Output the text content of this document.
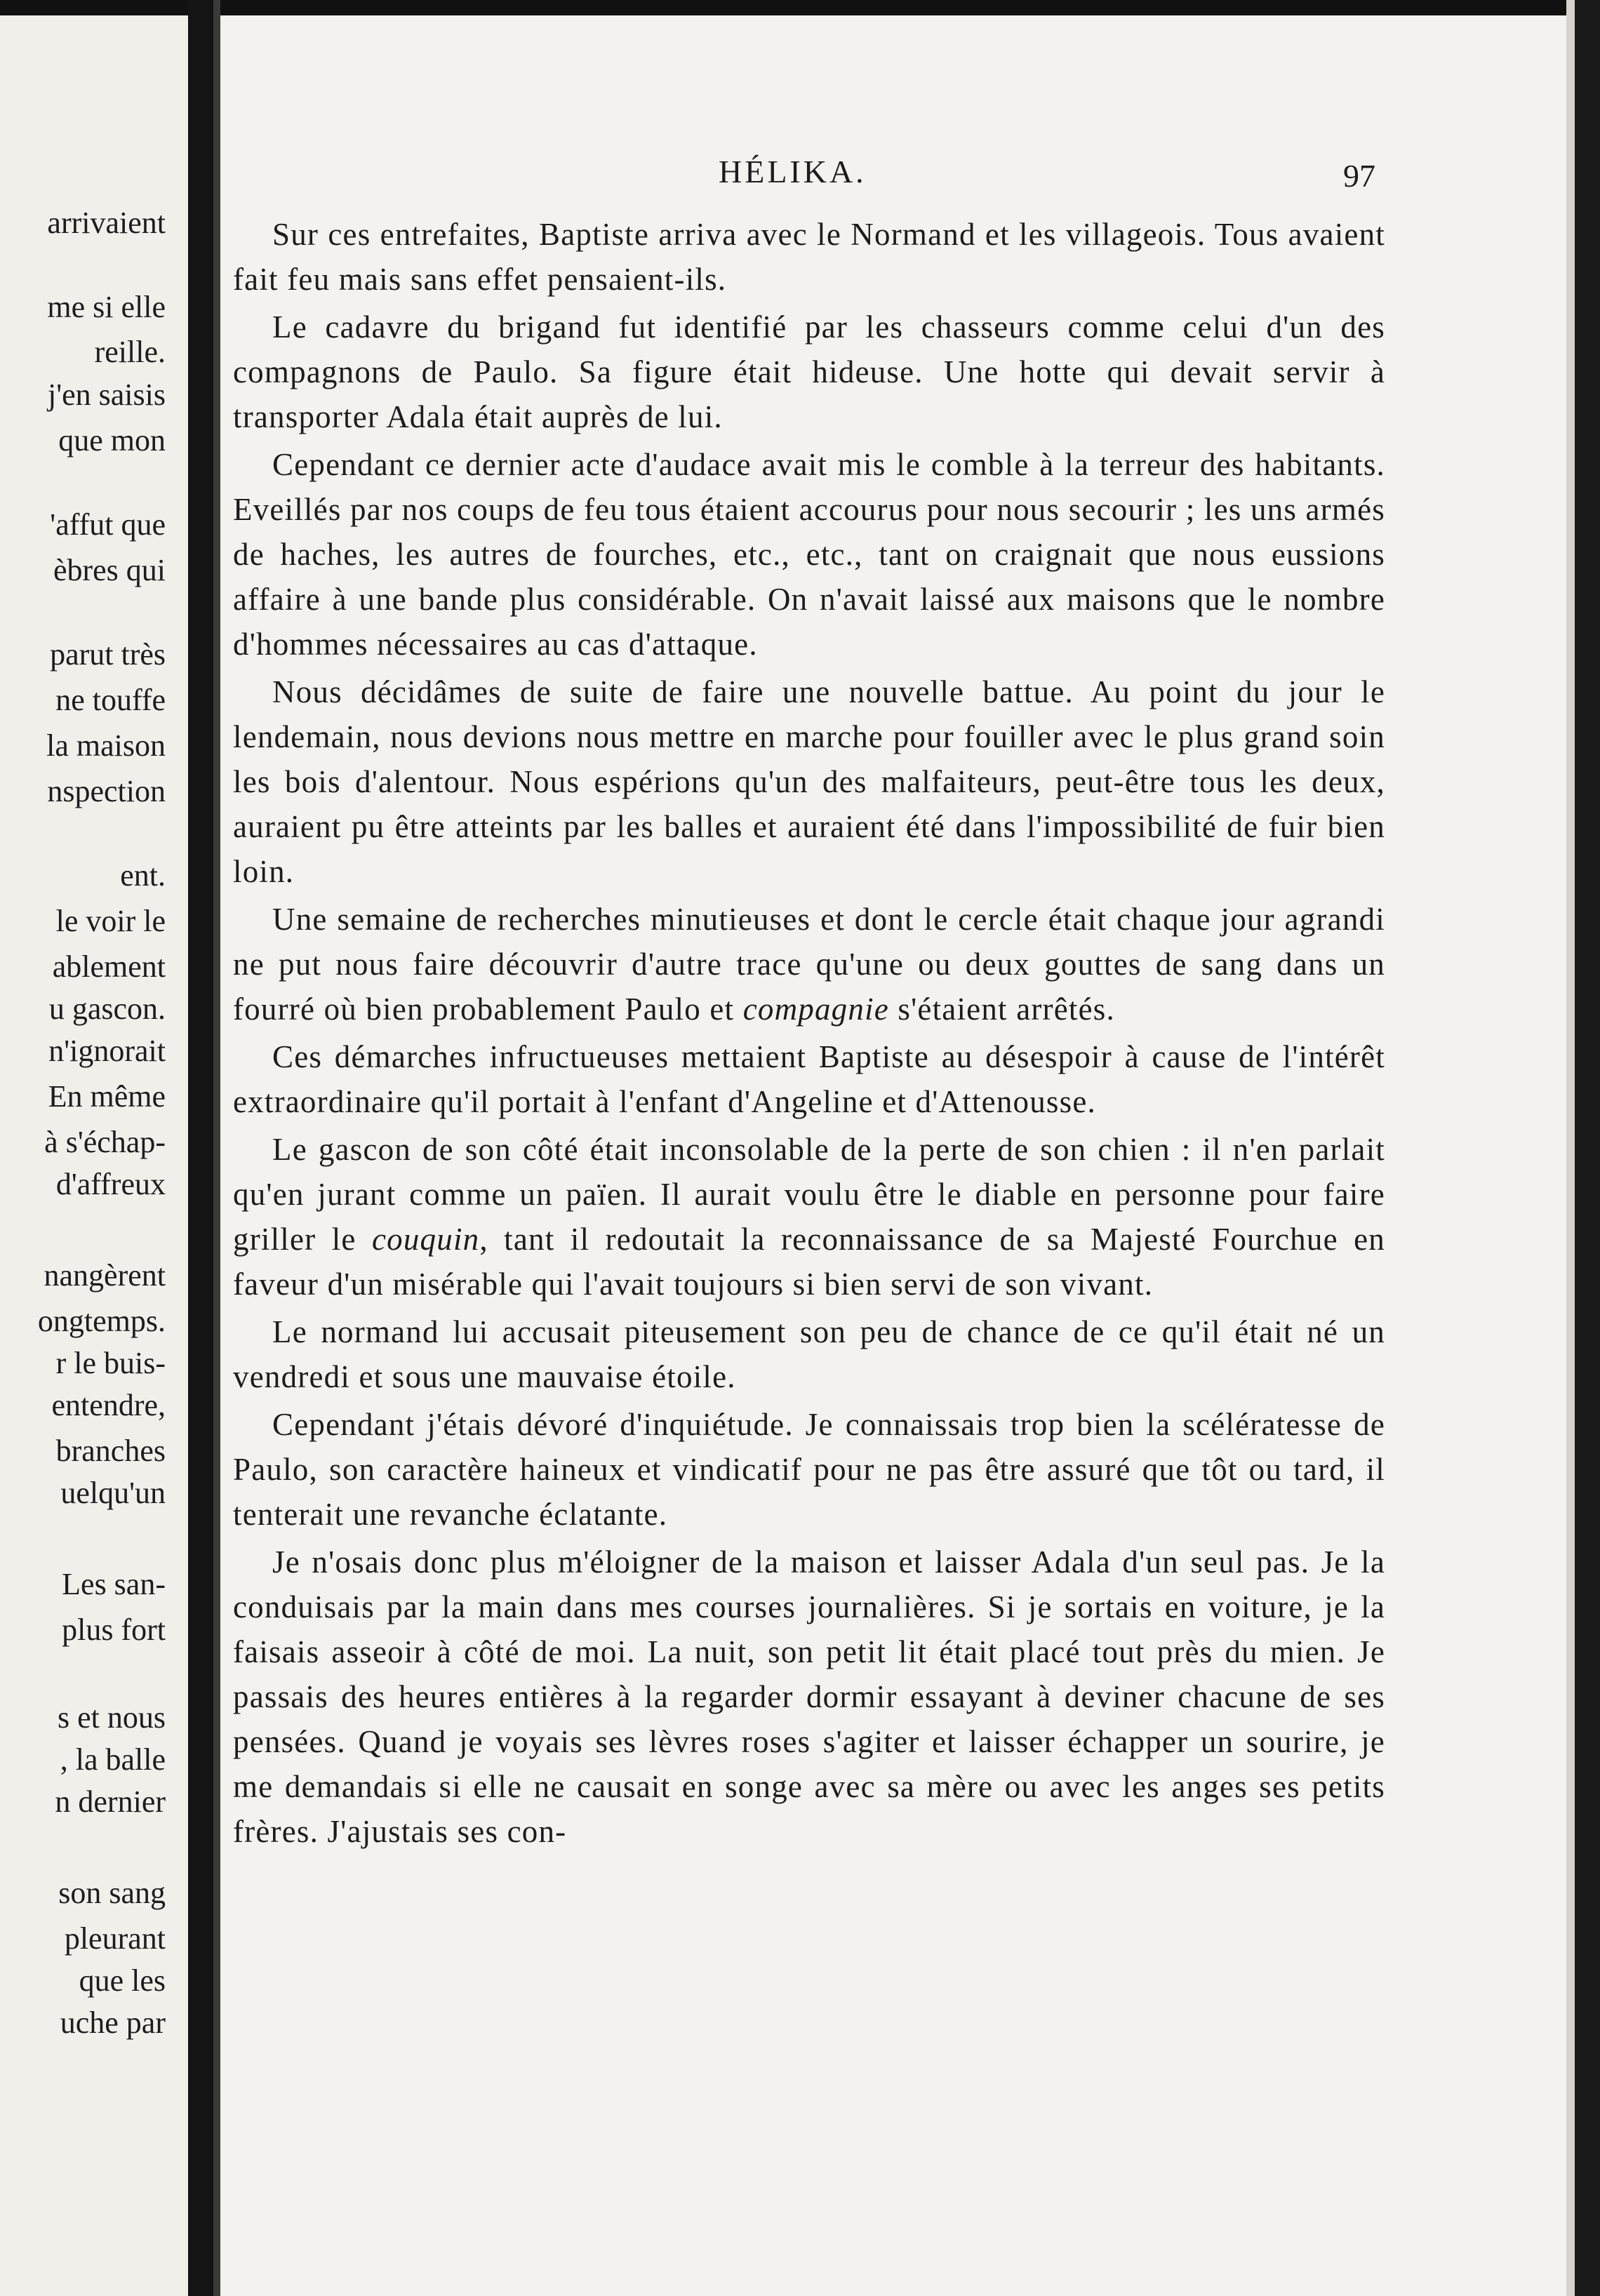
arrivaient
me si elle
reille.
j'en saisis
que mon
'affut que
èbres qui
parut très
ne touffe
la maison
nspection
ent.
le voir le
ablement
u gascon.
n'ignorait
En même
à s'échap-
d'affreux
nangèrent
ongtemps.
r le buis-
entendre,
branches
uelqu'un
Les san-
plus fort
s et nous
, la balle
n dernier
son sang
pleurant
que les
uche par
HÉLIKA.	97

Sur ces entrefaites, Baptiste arriva avec le Normand et les villageois. Tous avaient fait feu mais sans effet pensaient-ils.

Le cadavre du brigand fut identifié par les chasseurs comme celui d'un des compagnons de Paulo. Sa figure était hideuse. Une hotte qui devait servir à transporter Adala était auprès de lui.

Cependant ce dernier acte d'audace avait mis le comble à la terreur des habitants. Eveillés par nos coups de feu tous étaient accourus pour nous secourir ; les uns armés de haches, les autres de fourches, etc., etc., tant on craignait que nous eussions affaire à une bande plus considérable. On n'avait laissé aux maisons que le nombre d'hommes nécessaires au cas d'attaque.

Nous décidâmes de suite de faire une nouvelle battue. Au point du jour le lendemain, nous devions nous mettre en marche pour fouiller avec le plus grand soin les bois d'alentour. Nous espérions qu'un des malfaiteurs, peut-être tous les deux, auraient pu être atteints par les balles et auraient été dans l'impossibilité de fuir bien loin.

Une semaine de recherches minutieuses et dont le cercle était chaque jour agrandi ne put nous faire découvrir d'autre trace qu'une ou deux gouttes de sang dans un fourré où bien probablement Paulo et compagnie s'étaient arrêtés.

Ces démarches infructueuses mettaient Baptiste au désespoir à cause de l'intérêt extraordinaire qu'il portait à l'enfant d'Angeline et d'Attenousse.

Le gascon de son côté était inconsolable de la perte de son chien : il n'en parlait qu'en jurant comme un païen. Il aurait voulu être le diable en personne pour faire griller le couquin, tant il redoutait la reconnaissance de sa Majesté Fourchue en faveur d'un misérable qui l'avait toujours si bien servi de son vivant.

Le normand lui accusait piteusement son peu de chance de ce qu'il était né un vendredi et sous une mauvaise étoile.

Cependant j'étais dévoré d'inquiétude. Je connaissais trop bien la scélératesse de Paulo, son caractère haineux et vindicatif pour ne pas être assuré que tôt ou tard, il tenterait une revanche éclatante.

Je n'osais donc plus m'éloigner de la maison et laisser Adala d'un seul pas. Je la conduisais par la main dans mes courses journalières. Si je sortais en voiture, je la faisais asseoir à côté de moi. La nuit, son petit lit était placé tout près du mien. Je passais des heures entières à la regarder dormir essayant à deviner chacune de ses pensées. Quand je voyais ses lèvres roses s'agiter et laisser échapper un sourire, je me demandais si elle ne causait en songe avec sa mère ou avec les anges ses petits frères. J'ajustais ses con-
